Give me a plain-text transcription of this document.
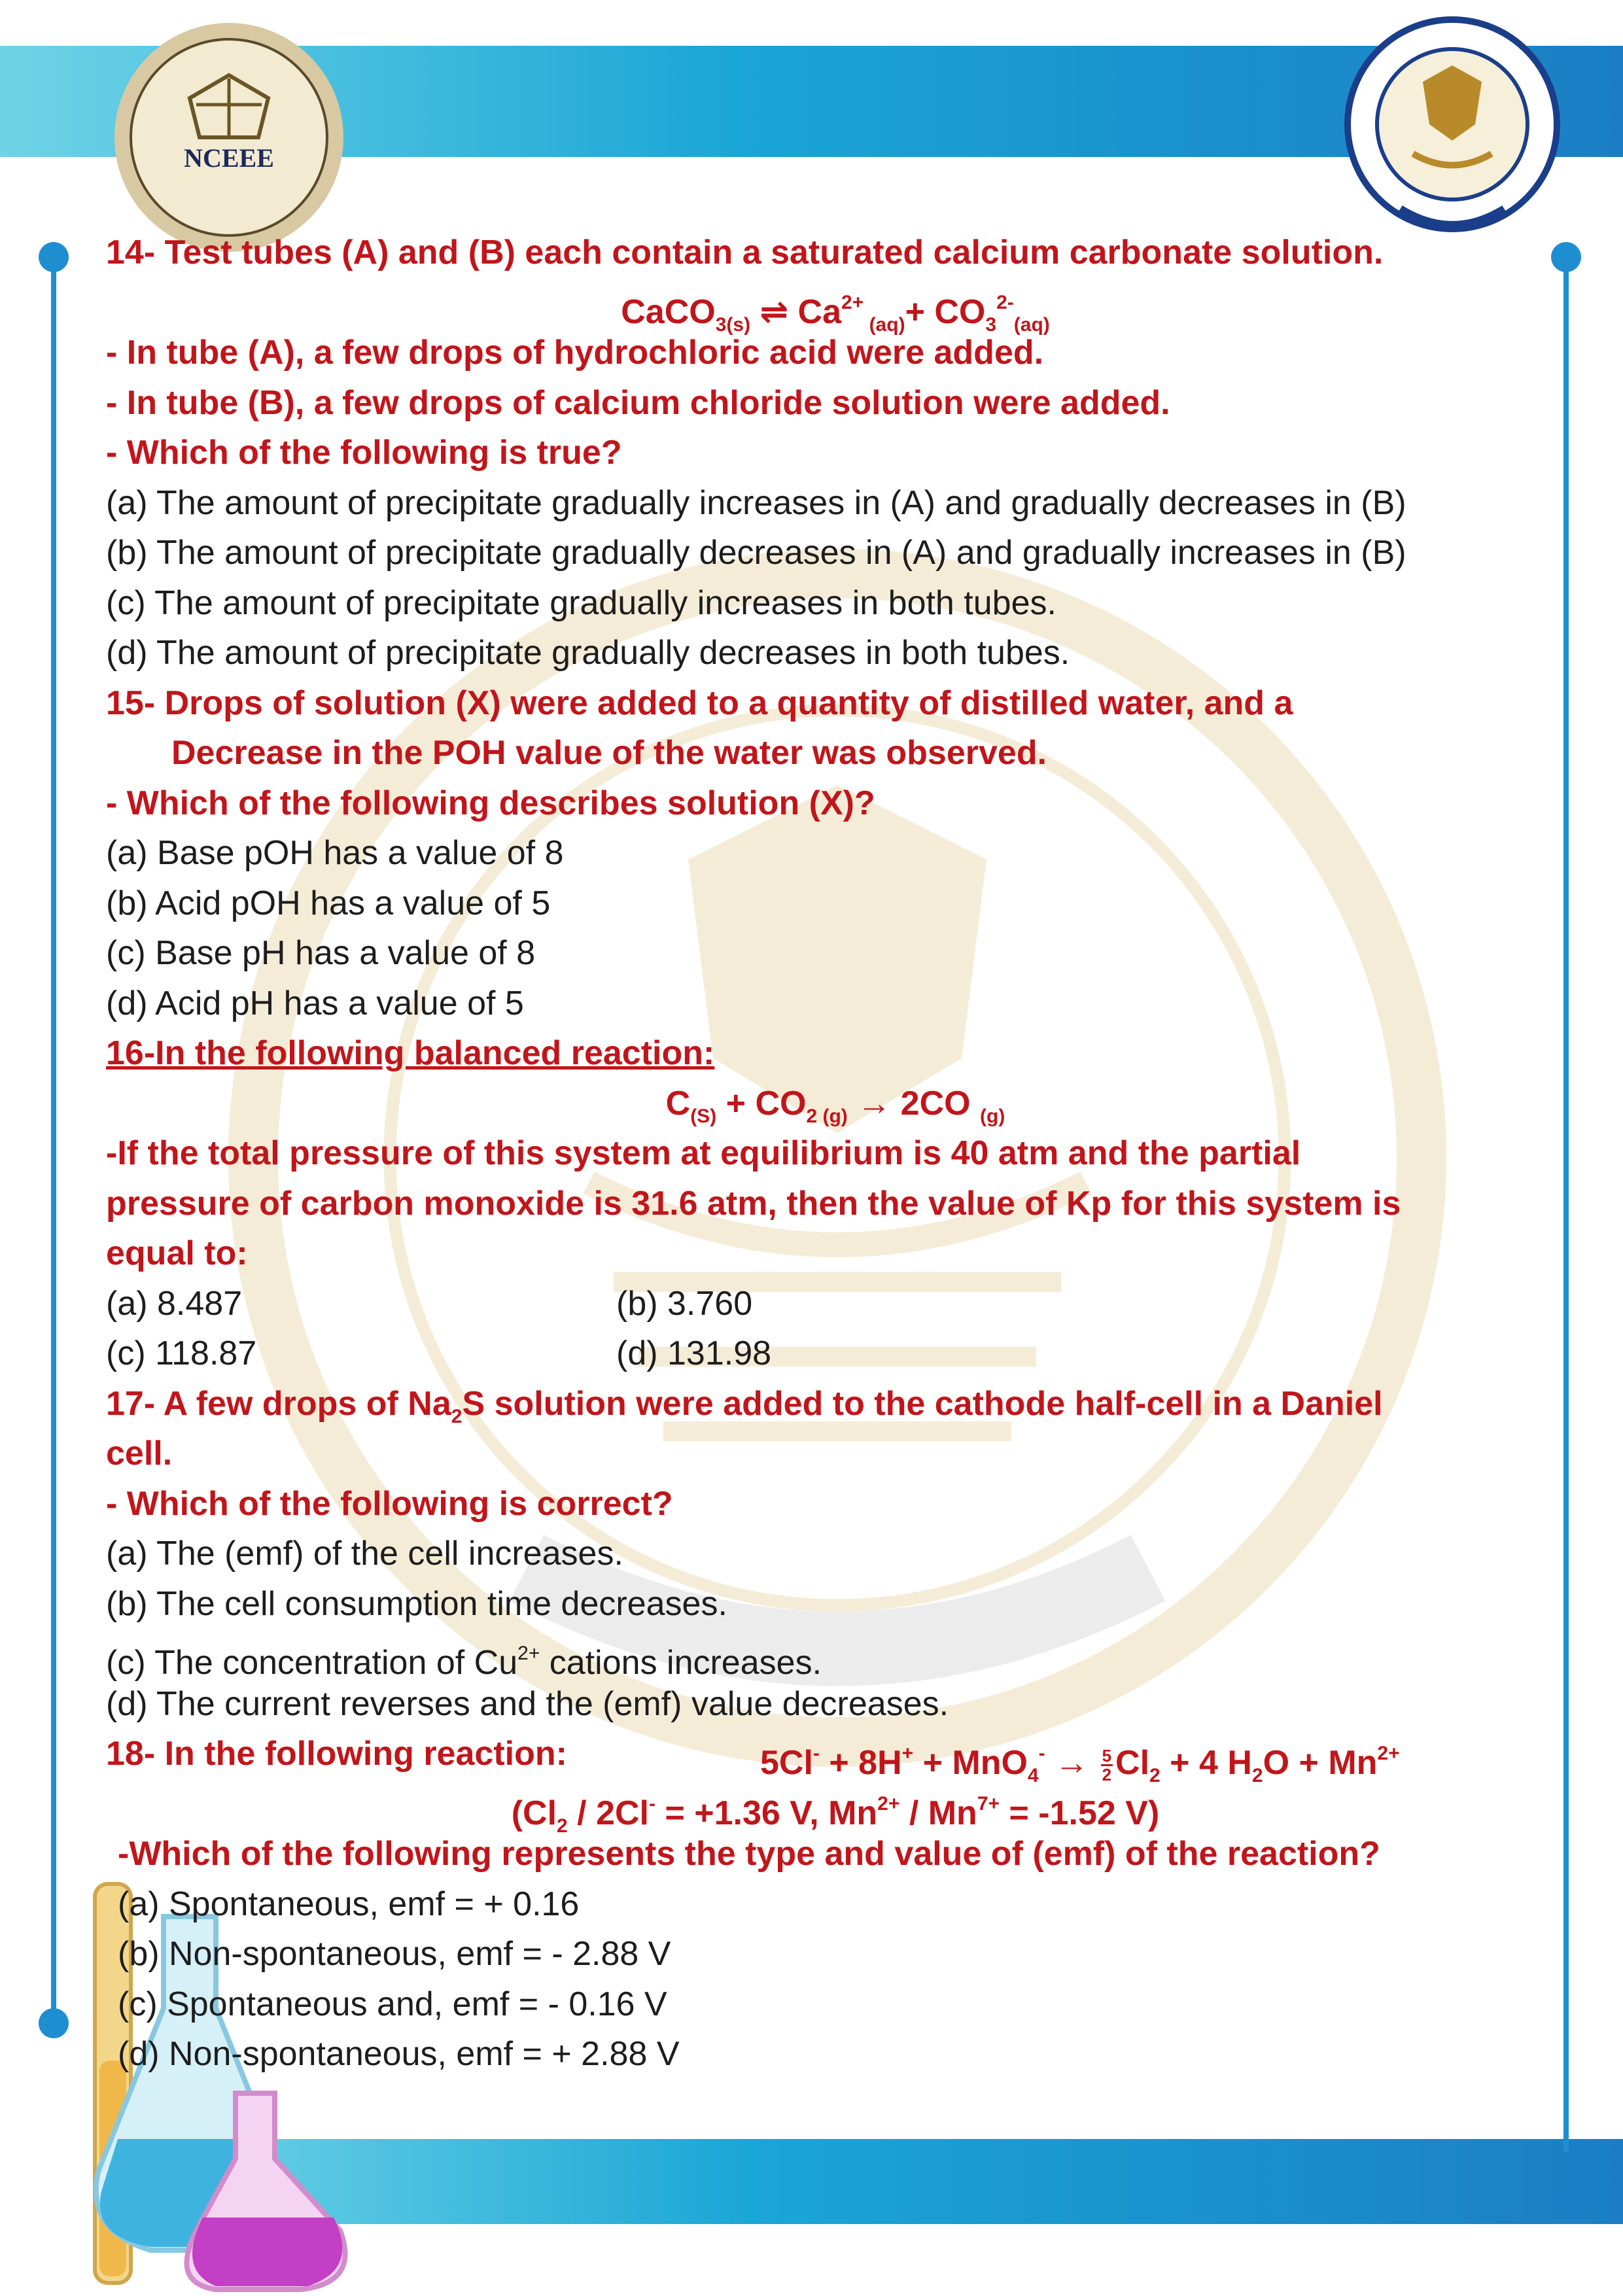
NCEEE
14- Test tubes (A) and (B) each contain a saturated calcium carbonate solution.
CaCO$_{3(s)}$ ⇌ $Ca^{2+}$ $_{(aq)}+ CO_3^{2-}_{(aq)}$
- In tube (A), a few drops of hydrochloric acid were added.
- In tube (B), a few drops of calcium chloride solution were added.
- Which of the following is true?
(a) The amount of precipitate gradually increases in (A) and gradually decreases in (B)
(b) The amount of precipitate gradually decreases in (A) and gradually increases in (B)
(c) The amount of precipitate gradually increases in both tubes.
(d) The amount of precipitate gradually decreases in both tubes.
15- Drops of solution (X) were added to a quantity of distilled water, and a
Decrease in the POH value of the water was observed.
- Which of the following describes solution (X)?
(a) Base pOH has a value of 8
(b) Acid pOH has a value of 5
(c) Base pH has a value of 8
(d) Acid pH has a value of 5
16-In the following balanced reaction:
$C_{(S)} + CO_{2 (g)} \to 2CO$ $_{(g)}$
-If the total pressure of this system at equilibrium is 40 atm and the partial
pressure of carbon monoxide is 31.6 atm, then the value of Kp for this system is
equal to:
(a) 8.487	(b) 3.760
(c) 118.87	(d) 131.98
17- A few drops of $Na_2S$ solution were added to the cathode half-cell in a Daniel
cell.
- Which of the following is correct?
(a) The (emf) of the cell increases.
(b) The cell consumption time decreases.
(c) The concentration of $Cu^{2+}$ cations increases.
(d) The current reverses and the (emf) value decreases.
18- In the following reaction:	$5Cl^- + 8H^+ + MnO_4^- \to \frac{5}{2} Cl_2 + 4$ $H_2O + Mn^{2+}$
($Cl_2 / 2Cl^- = +1.36$ V, $Mn^{2+} / Mn^{7+} = -1.52$ V)
-Which of the following represents the type and value of (emf) of the reaction?
(a) Spontaneous, emf = + 0.16
(b) Non-spontaneous, emf = - 2.88 V
(c) Spontaneous and, emf = - 0.16 V
(d) Non-spontaneous, emf = + 2.88 V
